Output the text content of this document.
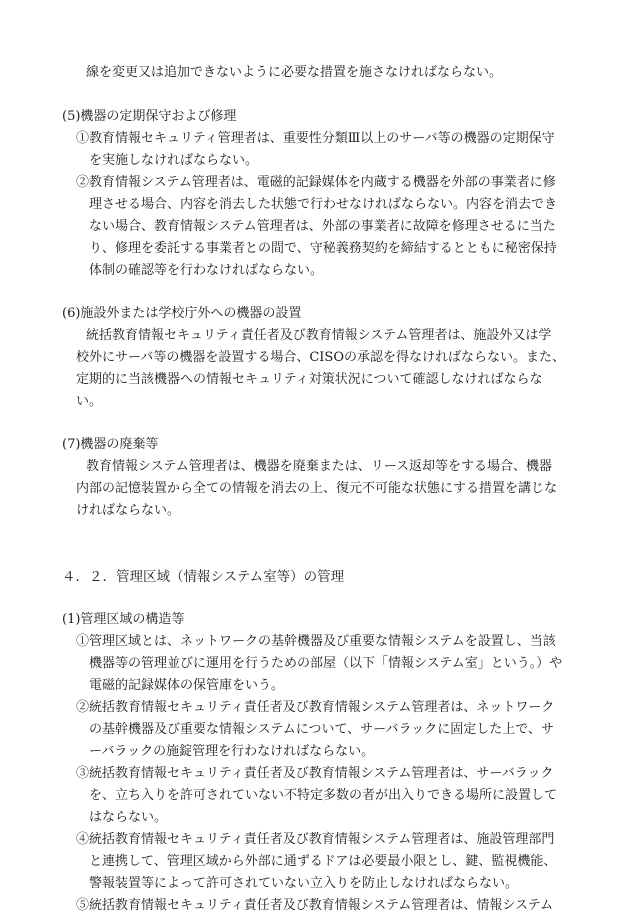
線を変更又は追加できないように必要な措置を施さなければならない。
(5)機器の定期保守および修理
①教育情報セキュリティ管理者は、重要性分類Ⅲ以上のサーバ等の機器の定期保守
を実施しなければならない。
②教育情報システム管理者は、電磁的記録媒体を内蔵する機器を外部の事業者に修
理させる場合、内容を消去した状態で行わせなければならない。内容を消去でき
ない場合、教育情報システム管理者は、外部の事業者に故障を修理させるに当た
り、修理を委託する事業者との間で、守秘義務契約を締結するとともに秘密保持
体制の確認等を行わなければならない。
(6)施設外または学校庁外への機器の設置
統括教育情報セキュリティ責任者及び教育情報システム管理者は、施設外又は学
校外にサーバ等の機器を設置する場合、CISOの承認を得なければならない。また、
定期的に当該機器への情報セキュリティ対策状況について確認しなければならな
い。
(7)機器の廃棄等
教育情報システム管理者は、機器を廃棄または、リース返却等をする場合、機器
内部の記憶装置から全ての情報を消去の上、復元不可能な状態にする措置を講じな
ければならない。
４．２．管理区域（情報システム室等）の管理
(1)管理区域の構造等
①管理区域とは、ネットワークの基幹機器及び重要な情報システムを設置し、当該
機器等の管理並びに運用を行うための部屋（以下「情報システム室」という。）や
電磁的記録媒体の保管庫をいう。
②統括教育情報セキュリティ責任者及び教育情報システム管理者は、ネットワーク
の基幹機器及び重要な情報システムについて、サーバラックに固定した上で、サ
ーバラックの施錠管理を行わなければならない。
③統括教育情報セキュリティ責任者及び教育情報システム管理者は、サーバラック
を、立ち入りを許可されていない不特定多数の者が出入りできる場所に設置して
はならない。
④統括教育情報セキュリティ責任者及び教育情報システム管理者は、施設管理部門
と連携して、管理区域から外部に通ずるドアは必要最小限とし、鍵、監視機能、
警報装置等によって許可されていない立入りを防止しなければならない。
⑤統括教育情報セキュリティ責任者及び教育情報システム管理者は、情報システム
